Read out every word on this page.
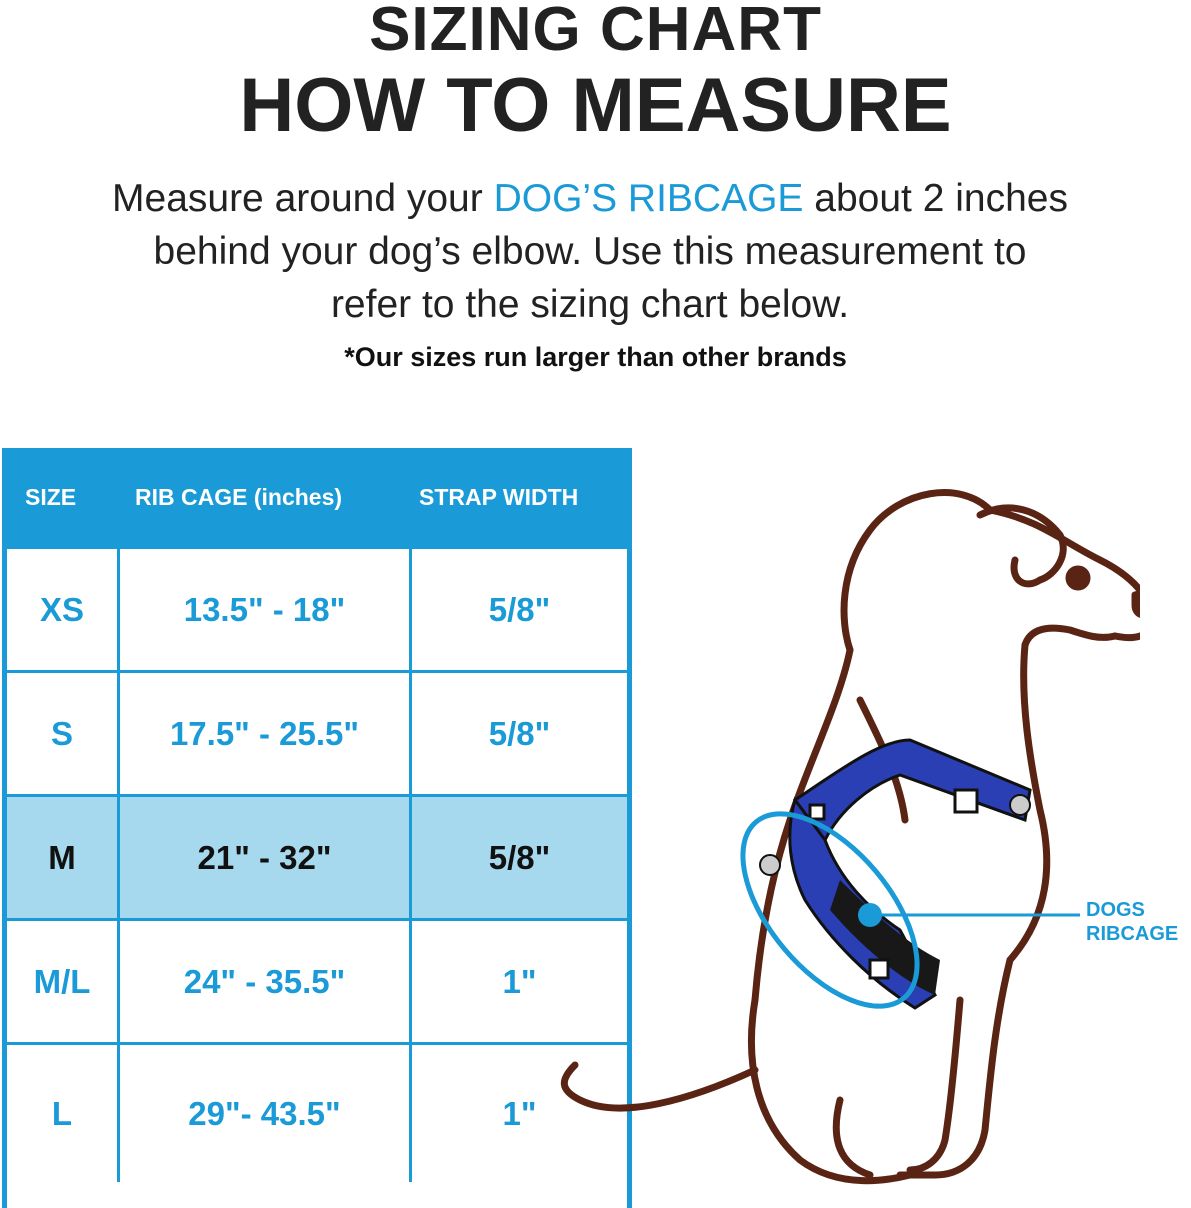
SIZING CHART
HOW TO MEASURE
Measure around your DOG’S RIBCAGE about 2 inches
behind your dog’s elbow. Use this measurement to
refer to the sizing chart below.
*Our sizes run larger than other brands
SIZE	RIB CAGE (inches)	STRAP WIDTH
XS	13.5" - 18"	5/8"
S	17.5" - 25.5"	5/8"
M	21" - 32"	5/8"
M/L	24" - 35.5"	1"
L	29"- 43.5"	1"
DOGS
RIBCAGE
